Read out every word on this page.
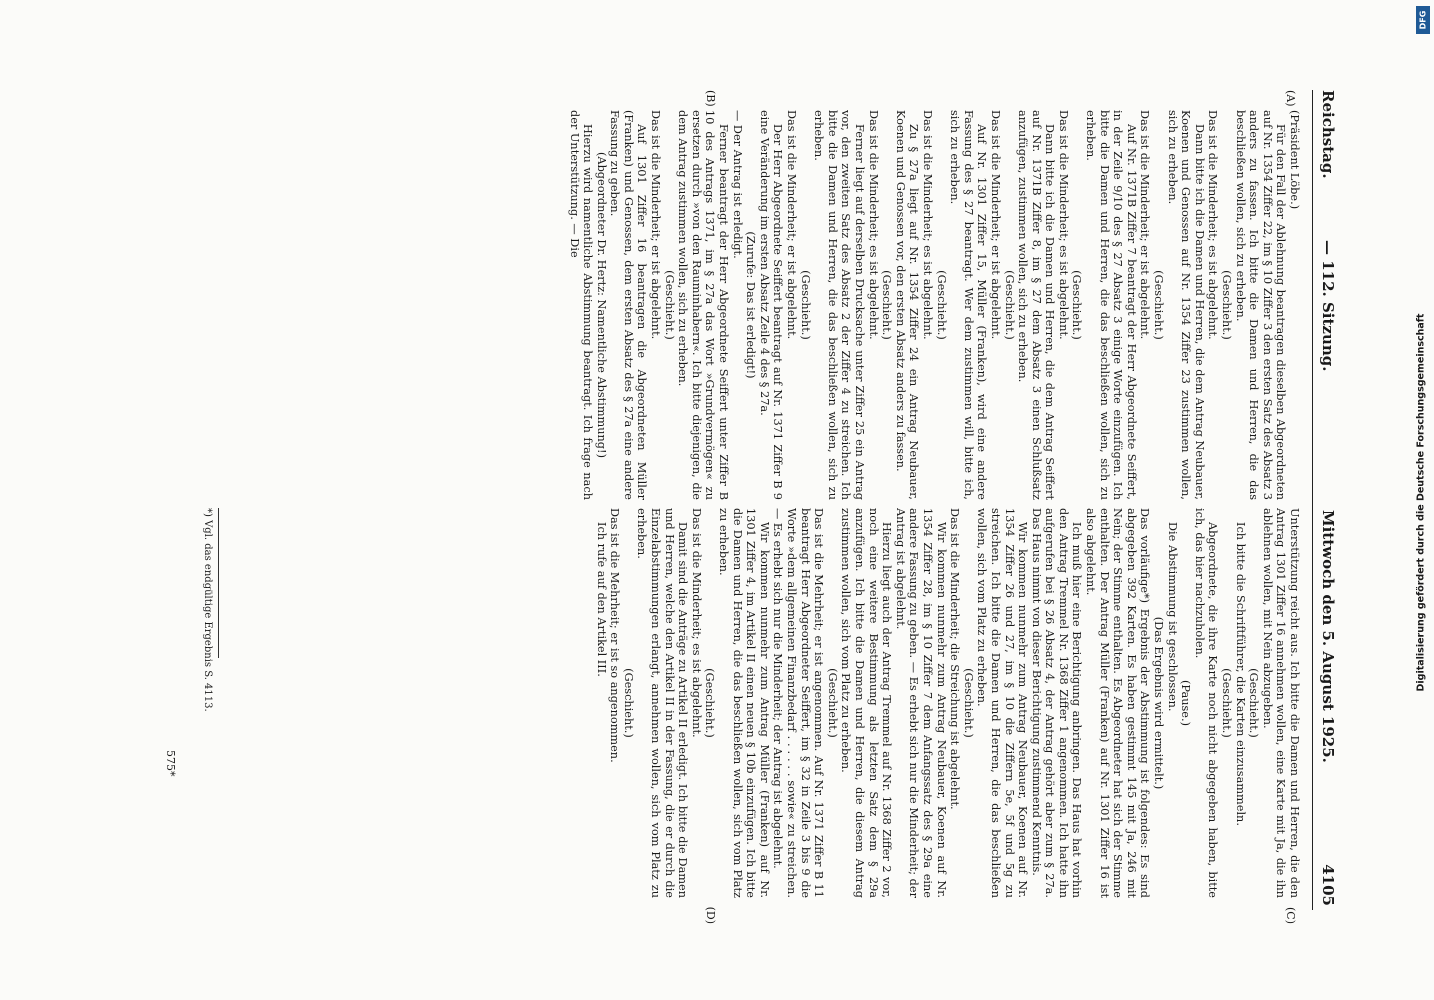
Reichstag.
— 112. Sitzung.
Mittwoch den 5. August 1925.
4105
(A)
(B)
(C)
(D)

(Präsident Löbe.)

Für den Fall der Ablehnung beantragen dieselben Abgeordneten auf Nr. 1354 Ziffer 22, im § 10 Ziffer 3 den ersten Satz des Absatz 3 anders zu fassen. Ich bitte die Damen und Herren, die das beschließen wollen, sich zu erheben.

(Geschieht.)

Das ist die Minderheit; es ist abgelehnt.

Dann bitte ich die Damen und Herren, die dem Antrag Neubauer, Koenen und Genossen auf Nr. 1354 Ziffer 23 zustimmen wollen, sich zu erheben.

(Geschieht.)

Das ist die Minderheit; er ist abgelehnt.

Auf Nr. 1371B Ziffer 7 beantragt der Herr Abgeordnete Seiffert, in der Zeile 9/10 des § 27 Absatz 3 einige Worte einzufügen. Ich bitte die Damen und Herren, die das beschließen wollen, sich zu erheben.

(Geschieht.)

Das ist die Minderheit; es ist abgelehnt.

Dann bitte ich die Damen und Herren, die dem Antrag Seiffert auf Nr. 1371B Ziffer 8, im § 27 dem Absatz 3 einen Schlußsatz anzufügen, zustimmen wollen, sich zu erheben.

(Geschieht.)

Das ist die Minderheit; er ist abgelehnt.

Auf Nr. 1301 Ziffer 15, Müller (Franken), wird eine andere Fassung des § 27 beantragt. Wer dem zustimmen will, bitte ich, sich zu erheben.

(Geschieht.)

Das ist die Minderheit; es ist abgelehnt.

Zu § 27a liegt auf Nr. 1354 Ziffer 24 ein Antrag Neubauer, Koenen und Genossen vor, den ersten Absatz anders zu fassen.

(Geschieht.)

Das ist die Minderheit; es ist abgelehnt.

Ferner liegt auf derselben Drucksache unter Ziffer 25 ein Antrag vor, den zweiten Satz des Absatz 2 der Ziffer 4 zu streichen. Ich bitte die Damen und Herren, die das beschließen wollen, sich zu erheben.

(Geschieht.)

Das ist die Minderheit; er ist abgelehnt.

Der Herr Abgeordnete Seiffert beantragt auf Nr. 1371 Ziffer B 9 eine Veränderung im ersten Absatz Zeile 4 des § 27a.

(Zurufe: Das ist erledigt!)

— Der Antrag ist erledigt.

Ferner beantragt der Herr Abgeordnete Seiffert unter Ziffer B 10 des Antrags 1371, im § 27a das Wort »Grundvermögen« zu ersetzen durch »von den Rauminhabern«. Ich bitte diejenigen, die dem Antrag zustimmen wollen, sich zu erheben.

(Geschieht.)

Das ist die Minderheit; er ist abgelehnt.

Auf 1301 Ziffer 16 beantragen die Abgeordneten Müller (Franken) und Genossen, dem ersten Absatz des § 27a eine andere Fassung zu geben.

(Abgeordneter Dr. Hertz: Namentliche Abstimmung!)

Hierzu wird namentliche Abstimmung beantragt. Ich frage nach der Unterstützung. — Die

Unterstützung reicht aus. Ich bitte die Damen und Herren, die den Antrag 1301 Ziffer 16 annehmen wollen, eine Karte mit Ja, die ihn ablehnen wollen, mit Nein abzugeben.

(Geschieht.)

Ich bitte die Schriftführer, die Karten einzusammeln.

(Geschieht.)

Abgeordnete, die ihre Karte noch nicht abgegeben haben, bitte ich, das hier nachzuholen.

(Pause.)

Die Abstimmung ist geschlossen.

(Das Ergebnis wird ermittelt.)

Das vorläufige*) Ergebnis der Abstimmung ist folgendes: Es sind abgegeben 392 Karten. Es haben gestimmt 145 mit Ja, 246 mit Nein; der Stimme enthalten. Es Abgeordneter hat sich der Stimme enthalten. Der Antrag Müller (Franken) auf Nr. 1301 Ziffer 16 ist also abgelehnt.

Ich muß hier eine Berichtigung anbringen. Das Haus hat vorhin den Antrag Tremmel Nr. 1368 Ziffer 1 angenommen. Ich hatte ihn aufgerufen bei § 26 Absatz 4, der Antrag gehört aber zum § 27a. Das Haus nimmt von dieser Berichtigung zustimmend Kenntnis.

Wir kommen nunmehr zum Antrag Neubauer, Koenen auf Nr. 1354 Ziffer 26 und 27, im § 10 die Ziffern 5e, 5f und 5g zu streichen. Ich bitte die Damen und Herren, die das beschließen wollen, sich vom Platz zu erheben.

(Geschieht.)

Das ist die Minderheit; die Streichung ist abgelehnt.

Wir kommen nunmehr zum Antrag Neubauer, Koenen auf Nr. 1354 Ziffer 28, im § 10 Ziffer 7 dem Anfangssatz des § 29a eine andere Fassung zu geben. — Es erhebt sich nur die Minderheit; der Antrag ist abgelehnt.

Hierzu liegt auch der Antrag Tremmel auf Nr. 1368 Ziffer 2 vor, noch eine weitere Bestimmung als letzten Satz dem § 29a anzufügen. Ich bitte die Damen und Herren, die diesem Antrag zustimmen wollen, sich vom Platz zu erheben.

(Geschieht.)

Das ist die Mehrheit; er ist angenommen. Auf Nr. 1371 Ziffer B 11 beantragt Herr Abgeordneter Seiffert, im § 32 in Zeile 3 bis 9 die Worte »dem allgemeinen Finanzbedarf . . . . . . sowie« zu streichen. — Es erhebt sich nur die Minderheit; der Antrag ist abgelehnt.

Wir kommen nunmehr zum Antrag Müller (Franken) auf Nr. 1301 Ziffer 4, im Artikel II einen neuen § 10b einzufügen. Ich bitte die Damen und Herren, die das beschließen wollen, sich vom Platz zu erheben.

(Geschieht.)

Das ist die Minderheit; es ist abgelehnt.

Damit sind die Anträge zu Artikel II erledigt. Ich bitte die Damen und Herren, welche den Artikel II in der Fassung, die er durch die Einzelabstimmungen erlangt, annehmen wollen, sich vom Platz zu erheben.

(Geschieht.)

Das ist die Mehrheit; er ist so angenommen.

Ich rufe auf den Artikel III.

*) Vgl. das endgültige Ergebnis S. 4113.
575*
Digitalisierung gefördert durch die Deutsche Forschungsgemeinschaft
DFG
